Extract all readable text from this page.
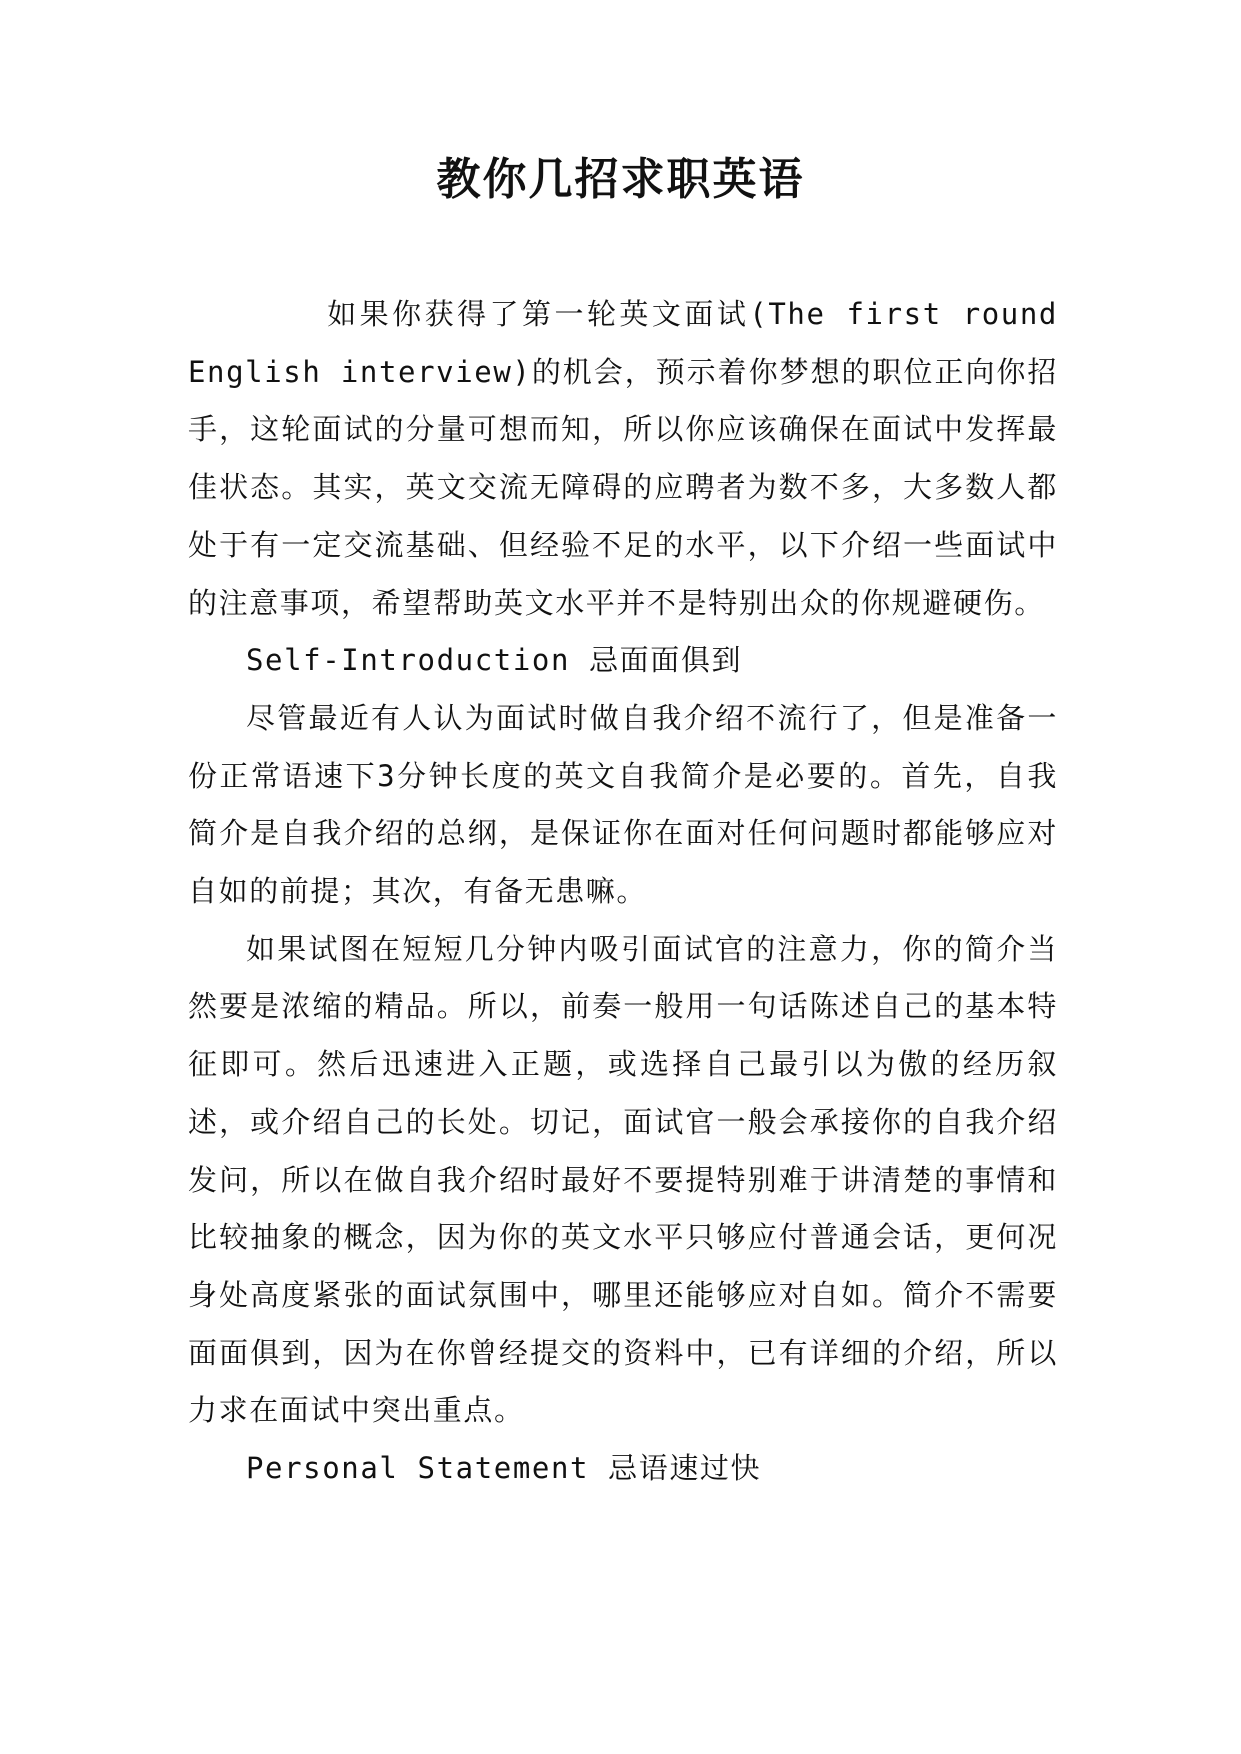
教你几招求职英语

如果你获得了第一轮英文面试(The first round English interview)的机会，预示着你梦想的职位正向你招手，这轮面试的分量可想而知，所以你应该确保在面试中发挥最佳状态。其实，英文交流无障碍的应聘者为数不多，大多数人都处于有一定交流基础、但经验不足的水平，以下介绍一些面试中的注意事项，希望帮助英文水平并不是特别出众的你规避硬伤。

Self-Introduction 忌面面俱到

尽管最近有人认为面试时做自我介绍不流行了，但是准备一份正常语速下3分钟长度的英文自我简介是必要的。首先，自我简介是自我介绍的总纲，是保证你在面对任何问题时都能够应对自如的前提；其次，有备无患嘛。

如果试图在短短几分钟内吸引面试官的注意力，你的简介当然要是浓缩的精品。所以，前奏一般用一句话陈述自己的基本特征即可。然后迅速进入正题，或选择自己最引以为傲的经历叙述，或介绍自己的长处。切记，面试官一般会承接你的自我介绍发问，所以在做自我介绍时最好不要提特别难于讲清楚的事情和比较抽象的概念，因为你的英文水平只够应付普通会话，更何况身处高度紧张的面试氛围中，哪里还能够应对自如。简介不需要面面俱到，因为在你曾经提交的资料中，已有详细的介绍，所以力求在面试中突出重点。

Personal Statement 忌语速过快
